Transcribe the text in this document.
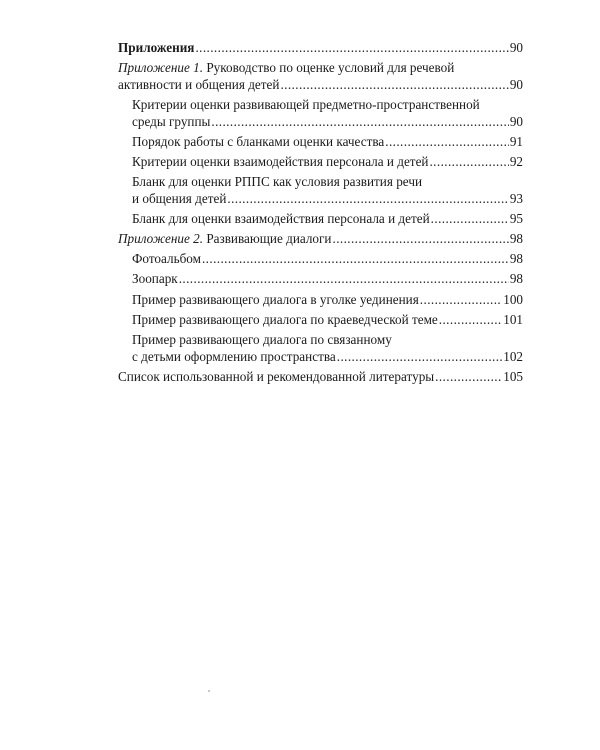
Приложения .....	90
Приложение 1. Руководство по оценке условий для речевой
активности и общения детей .....	90
Критерии оценки развивающей предметно-пространственной
среды группы .....	90
Порядок работы с бланками оценки качества .....	91
Критерии оценки взаимодействия персонала и детей .....	92
Бланк для оценки РППС как условия развития речи
и общения детей .....	93
Бланк для оценки взаимодействия персонала и детей .....	95
Приложение 2. Развивающие диалоги .....	98
Фотоальбом .....	98
Зоопарк .....	98
Пример развивающего диалога в уголке уединения .....	100
Пример развивающего диалога по краеведческой теме .....	101
Пример развивающего диалога по связанному
с детьми оформлению пространства .....	102
Список использованной и рекомендованной литературы .....	105
